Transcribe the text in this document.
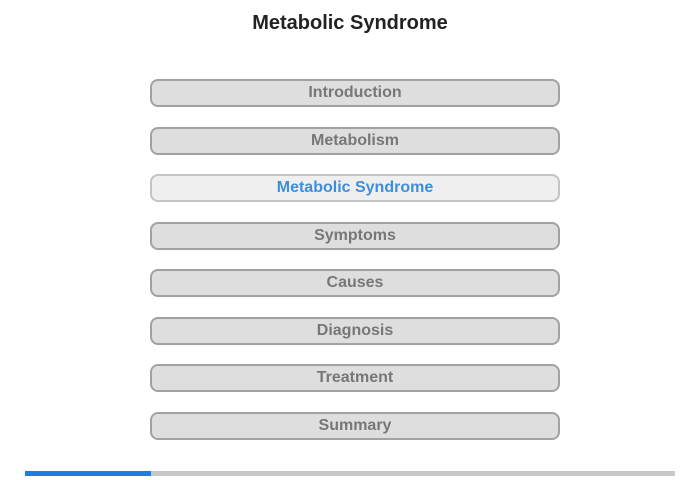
Metabolic Syndrome
Introduction
Metabolism
Metabolic Syndrome
Symptoms
Causes
Diagnosis
Treatment
Summary
